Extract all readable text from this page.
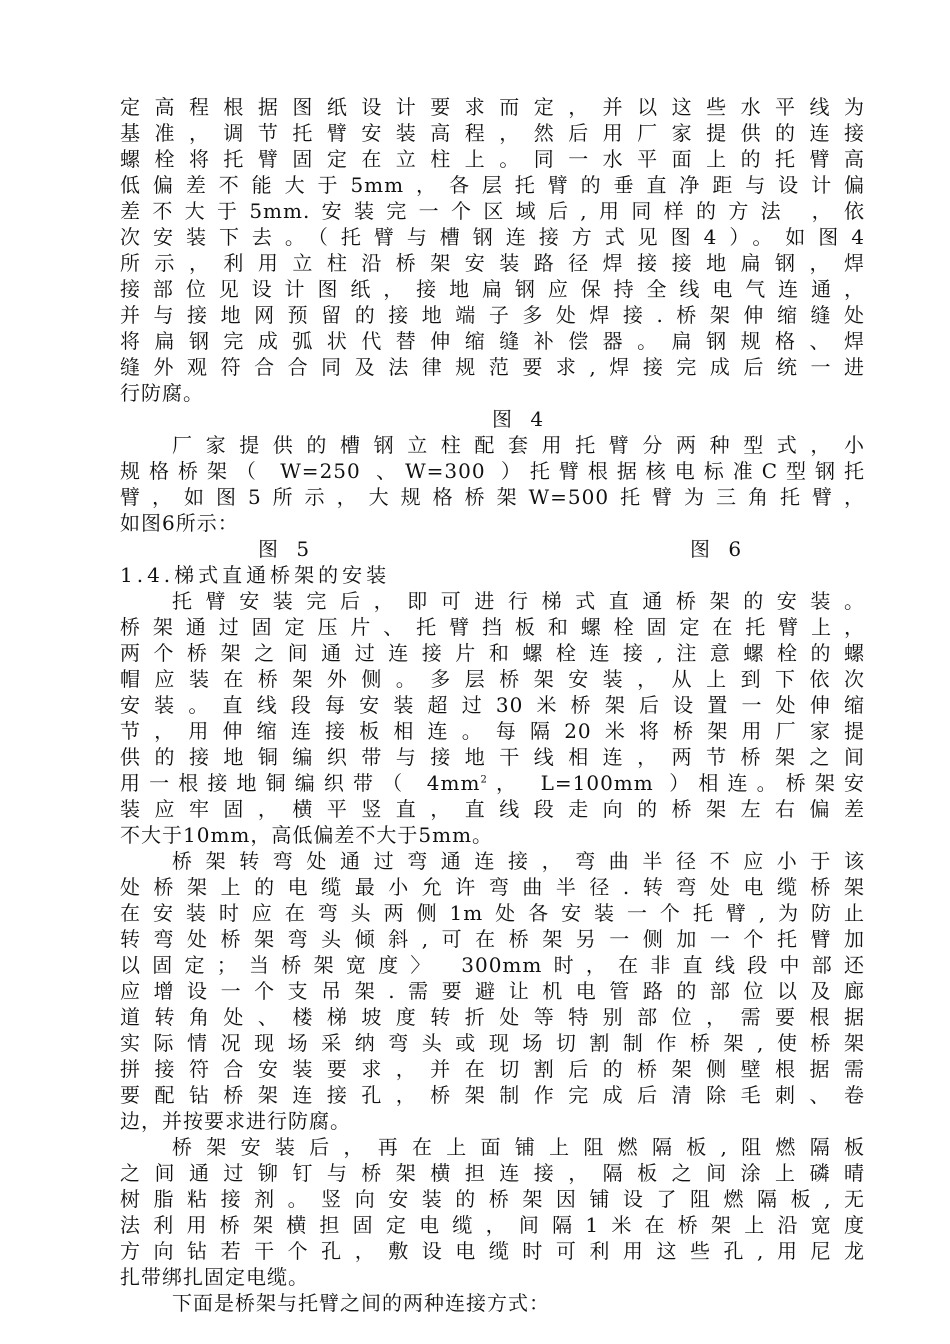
定高程根据图纸设计要求而定，并以这些水平线为
基准，调节托臂安装高程，然后用厂家提供的连接
螺栓将托臂固定在立柱上。同一水平面上的托臂高
低偏差不能大于5mm，各层托臂的垂直净距与设计偏
差不大于5mm.安装完一个区域后,用同样的方法 ，依
次安装下去。（托臂与槽钢连接方式见图4）。如图4
所示，利用立柱沿桥架安装路径焊接接地扁钢，焊
接部位见设计图纸，接地扁钢应保持全线电气连通，
并与接地网预留的接地端子多处焊接.桥架伸缩缝处
将扁钢完成弧状代替伸缩缝补偿器。扁钢规格、焊
缝外观符合合同及法律规范要求,焊接完成后统一进
行防腐。
图 4
厂家提供的槽钢立柱配套用托臂分两种型式，小
规格桥架（ W=250 、W=300 ）托臂根据核电标准C型钢托
臂，如图5所示，大规格桥架W=500托臂为三角托臂，
如图6所示：
图 5	图 6
1.4.梯式直通桥架的安装
托臂安装完后，即可进行梯式直通桥架的安装。
桥架通过固定压片、托臂挡板和螺栓固定在托臂上，
两个桥架之间通过连接片和螺栓连接,注意螺栓的螺
帽应装在桥架外侧。多层桥架安装，从上到下依次
安装。直线段每安装超过30米桥架后设置一处伸缩
节，用伸缩连接板相连。每隔20米将桥架用厂家提
供的接地铜编织带与接地干线相连，两节桥架之间
用一根接地铜编织带（ $4mm^2$， L=100mm ）相连。桥架安
装应牢固，横平竖直，直线段走向的桥架左右偏差
不大于10mm，高低偏差不大于5mm。
桥架转弯处通过弯通连接，弯曲半径不应小于该
处桥架上的电缆最小允许弯曲半径.转弯处电缆桥架
在安装时应在弯头两侧1m处各安装一个托臂,为防止
转弯处桥架弯头倾斜,可在桥架另一侧加一个托臂加
以固定；当桥架宽度〉 300mm时，在非直线段中部还
应增设一个支吊架.需要避让机电管路的部位以及廊
道转角处、楼梯坡度转折处等特别部位，需要根据
实际情况现场采纳弯头或现场切割制作桥架,使桥架
拼接符合安装要求，并在切割后的桥架侧壁根据需
要配钻桥架连接孔，桥架制作完成后清除毛刺、卷
边，并按要求进行防腐。
桥架安装后，再在上面铺上阻燃隔板,阻燃隔板
之间通过铆钉与桥架横担连接，隔板之间涂上磷晴
树脂粘接剂。竖向安装的桥架因铺设了阻燃隔板,无
法利用桥架横担固定电缆，间隔1米在桥架上沿宽度
方向钻若干个孔，敷设电缆时可利用这些孔,用尼龙
扎带绑扎固定电缆。
下面是桥架与托臂之间的两种连接方式：
